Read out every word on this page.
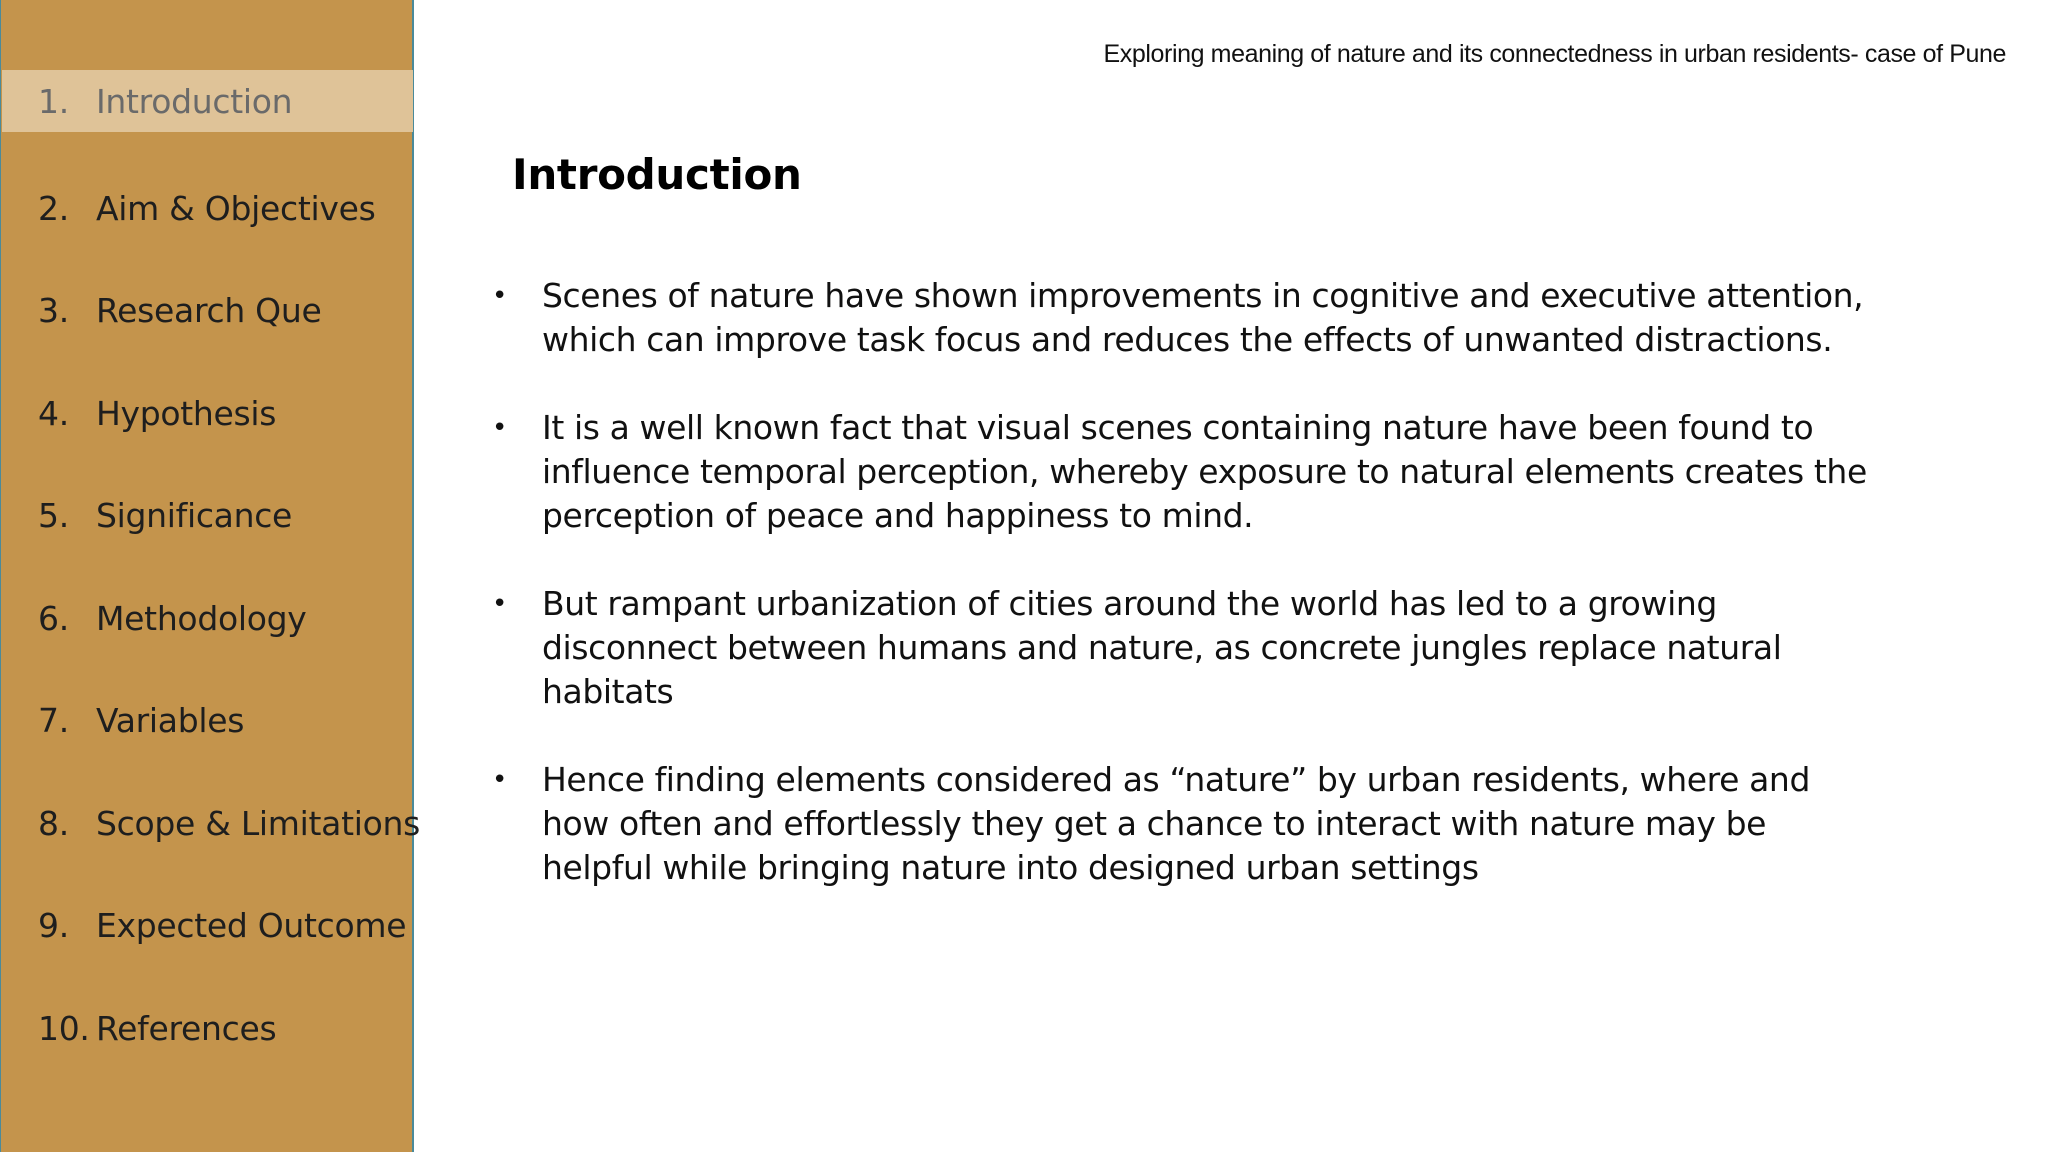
1. Introduction
2. Aim & Objectives
3. Research Que
4. Hypothesis
5. Significance
6. Methodology
7. Variables
8. Scope & Limitations
9. Expected Outcome
10. References
Exploring meaning of nature and its connectedness in urban residents- case of Pune
Introduction
• Scenes of nature have shown improvements in cognitive and executive attention, which can improve task focus and reduces the effects of unwanted distractions.
• It is a well known fact that visual scenes containing nature have been found to influence temporal perception, whereby exposure to natural elements creates the perception of peace and happiness to mind.
• But rampant urbanization of cities around the world has led to a growing disconnect between humans and nature, as concrete jungles replace natural habitats
• Hence finding elements considered as “nature” by urban residents, where and how often and effortlessly they get a chance to interact with nature may be helpful while bringing nature into designed urban settings
